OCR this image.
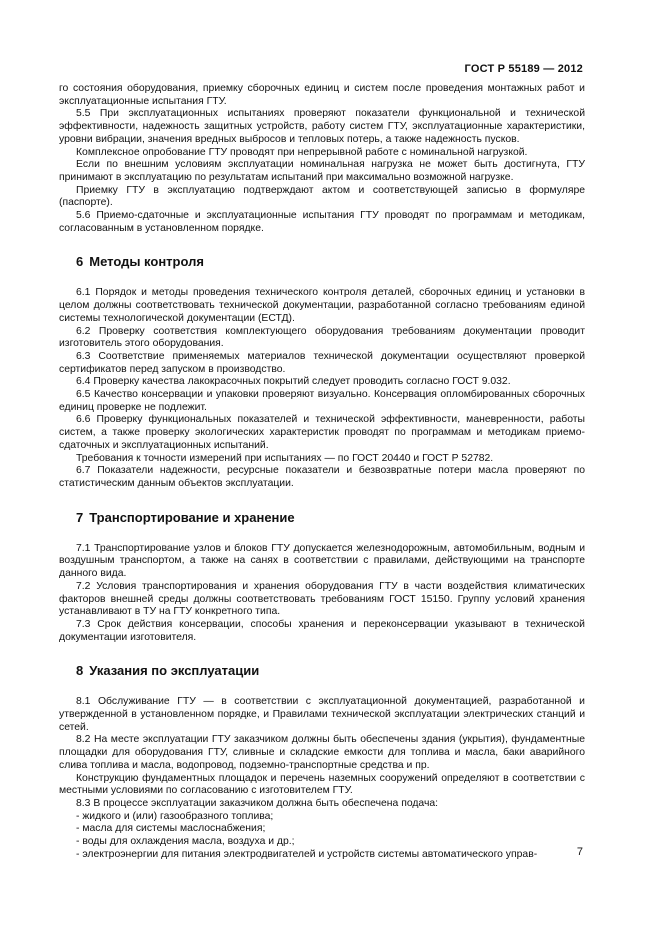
ГОСТ Р 55189 — 2012

го состояния оборудования, приемку сборочных единиц и систем после проведения монтажных работ и эксплуатационные испытания ГТУ.

5.5 При эксплуатационных испытаниях проверяют показатели функциональной и технической эффективности, надежность защитных устройств, работу систем ГТУ, эксплуатационные характеристики, уровни вибрации, значения вредных выбросов и тепловых потерь, а также надежность пусков.

Комплексное опробование ГТУ проводят при непрерывной работе с номинальной нагрузкой.

Если по внешним условиям эксплуатации номинальная нагрузка не может быть достигнута, ГТУ принимают в эксплуатацию по результатам испытаний при максимально возможной нагрузке.

Приемку ГТУ в эксплуатацию подтверждают актом и соответствующей записью в формуляре (паспорте).

5.6 Приемо-сдаточные и эксплуатационные испытания ГТУ проводят по программам и методикам, согласованным в установленном порядке.

6 Методы контроля

6.1 Порядок и методы проведения технического контроля деталей, сборочных единиц и установки в целом должны соответствовать технической документации, разработанной согласно требованиям единой системы технологической документации (ЕСТД).

6.2 Проверку соответствия комплектующего оборудования требованиям документации проводит изготовитель этого оборудования.

6.3 Соответствие применяемых материалов технической документации осуществляют проверкой сертификатов перед запуском в производство.

6.4 Проверку качества лакокрасочных покрытий следует проводить согласно ГОСТ 9.032.

6.5 Качество консервации и упаковки проверяют визуально. Консервация опломбированных сборочных единиц проверке не подлежит.

6.6 Проверку функциональных показателей и технической эффективности, маневренности, работы систем, а также проверку экологических характеристик проводят по программам и методикам приемо-сдаточных и эксплуатационных испытаний.

Требования к точности измерений при испытаниях — по ГОСТ 20440 и ГОСТ Р 52782.

6.7 Показатели надежности, ресурсные показатели и безвозвратные потери масла проверяют по статистическим данным объектов эксплуатации.

7 Транспортирование и хранение

7.1 Транспортирование узлов и блоков ГТУ допускается железнодорожным, автомобильным, водным и воздушным транспортом, а также на санях в соответствии с правилами, действующими на транспорте данного вида.

7.2 Условия транспортирования и хранения оборудования ГТУ в части воздействия климатических факторов внешней среды должны соответствовать требованиям ГОСТ 15150. Группу условий хранения устанавливают в ТУ на ГТУ конкретного типа.

7.3 Срок действия консервации, способы хранения и переконсервации указывают в технической документации изготовителя.

8 Указания по эксплуатации

8.1 Обслуживание ГТУ — в соответствии с эксплуатационной документацией, разработанной и утвержденной в установленном порядке, и Правилами технической эксплуатации электрических станций и сетей.

8.2 На месте эксплуатации ГТУ заказчиком должны быть обеспечены здания (укрытия), фундаментные площадки для оборудования ГТУ, сливные и складские емкости для топлива и масла, баки аварийного слива топлива и масла, водопровод, подземно-транспортные средства и пр.

Конструкцию фундаментных площадок и перечень наземных сооружений определяют в соответствии с местными условиями по согласованию с изготовителем ГТУ.

8.3 В процессе эксплуатации заказчиком должна быть обеспечена подача:

- жидкого и (или) газообразного топлива;

- масла для системы маслоснабжения;

- воды для охлаждения масла, воздуха и др.;

- электроэнергии для питания электродвигателей и устройств системы автоматического управ-	7
